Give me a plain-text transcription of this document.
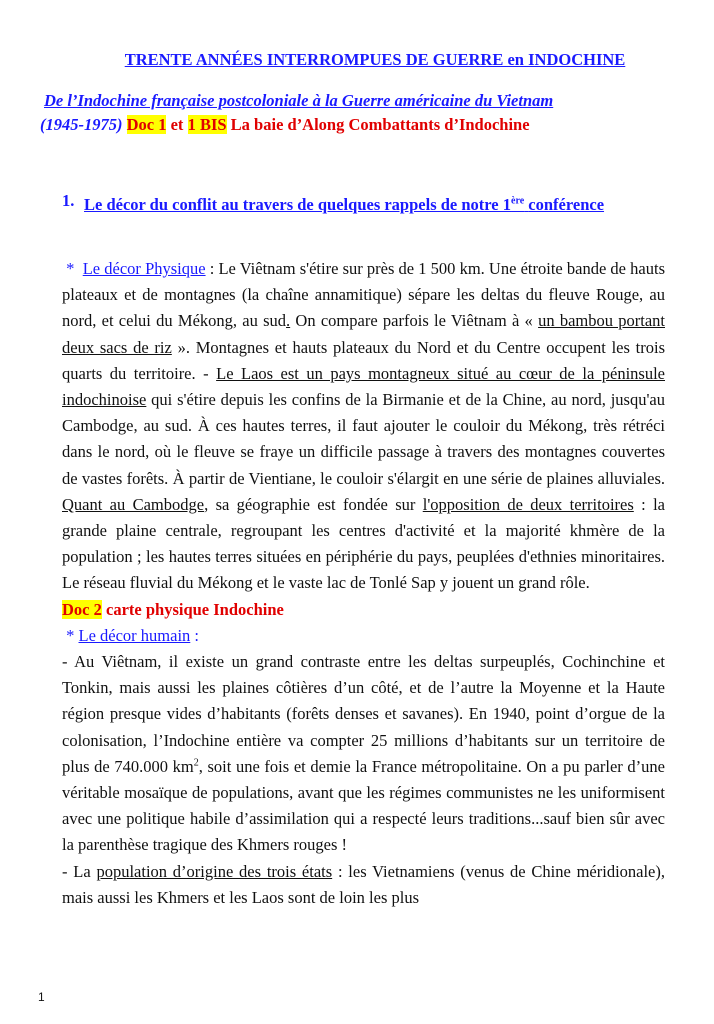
TRENTE ANNÉES INTERROMPUES DE GUERRE en INDOCHINE
De l’Indochine française postcoloniale à la Guerre américaine du Vietnam
(1945-1975) Doc 1 et 1 BIS La baie d’Along Combattants d’Indochine
1. Le décor du conflit au travers de quelques rappels de notre 1ère conférence

*  Le décor Physique : Le Viêtnam s'étire sur près de 1 500 km. Une étroite bande de hauts plateaux et de montagnes (la chaîne annamitique) sépare les deltas du fleuve Rouge, au nord, et celui du Mékong, au sud. On compare parfois le Viêtnam à « un bambou portant deux sacs de riz ». Montagnes et hauts plateaux du Nord et du Centre occupent les trois quarts du territoire. - Le Laos est un pays montagneux situé au cœur de la péninsule indochinoise qui s'étire depuis les confins de la Birmanie et de la Chine, au nord, jusqu'au Cambodge, au sud. À ces hautes terres, il faut ajouter le couloir du Mékong, très rétréci dans le nord, où le fleuve se fraye un difficile passage à travers des montagnes couvertes de vastes forêts. À partir de Vientiane, le couloir s'élargit en une série de plaines alluviales. Quant au Cambodge, sa géographie est fondée sur l'opposition de deux territoires : la grande plaine centrale, regroupant les centres d'activité et la majorité khmère de la population ; les hautes terres situées en périphérie du pays, peuplées d'ethnies minoritaires. Le réseau fluvial du Mékong et le vaste lac de Tonlé Sap y jouent un grand rôle.

Doc 2 carte physique Indochine

* Le décor humain :

- Au Viêtnam, il existe un grand contraste entre les deltas surpeuplés, Cochinchine et Tonkin, mais aussi les plaines côtières d’un côté, et de l’autre la Moyenne et la Haute région presque vides d’habitants (forêts denses et savanes). En 1940, point d’orgue de la colonisation, l’Indochine entière va compter 25 millions d’habitants sur un territoire de plus de 740.000 $km^2$, soit une fois et demie la France métropolitaine. On a pu parler d’une véritable mosaïque de populations, avant que les régimes communistes ne les uniformisent avec une politique habile d’assimilation qui a respecté leurs traditions...sauf bien sûr avec la parenthèse tragique des Khmers rouges !

- La population d’origine des trois états : les Vietnamiens (venus de Chine méridionale), mais aussi les Khmers et les Laos sont de loin les plus

1
